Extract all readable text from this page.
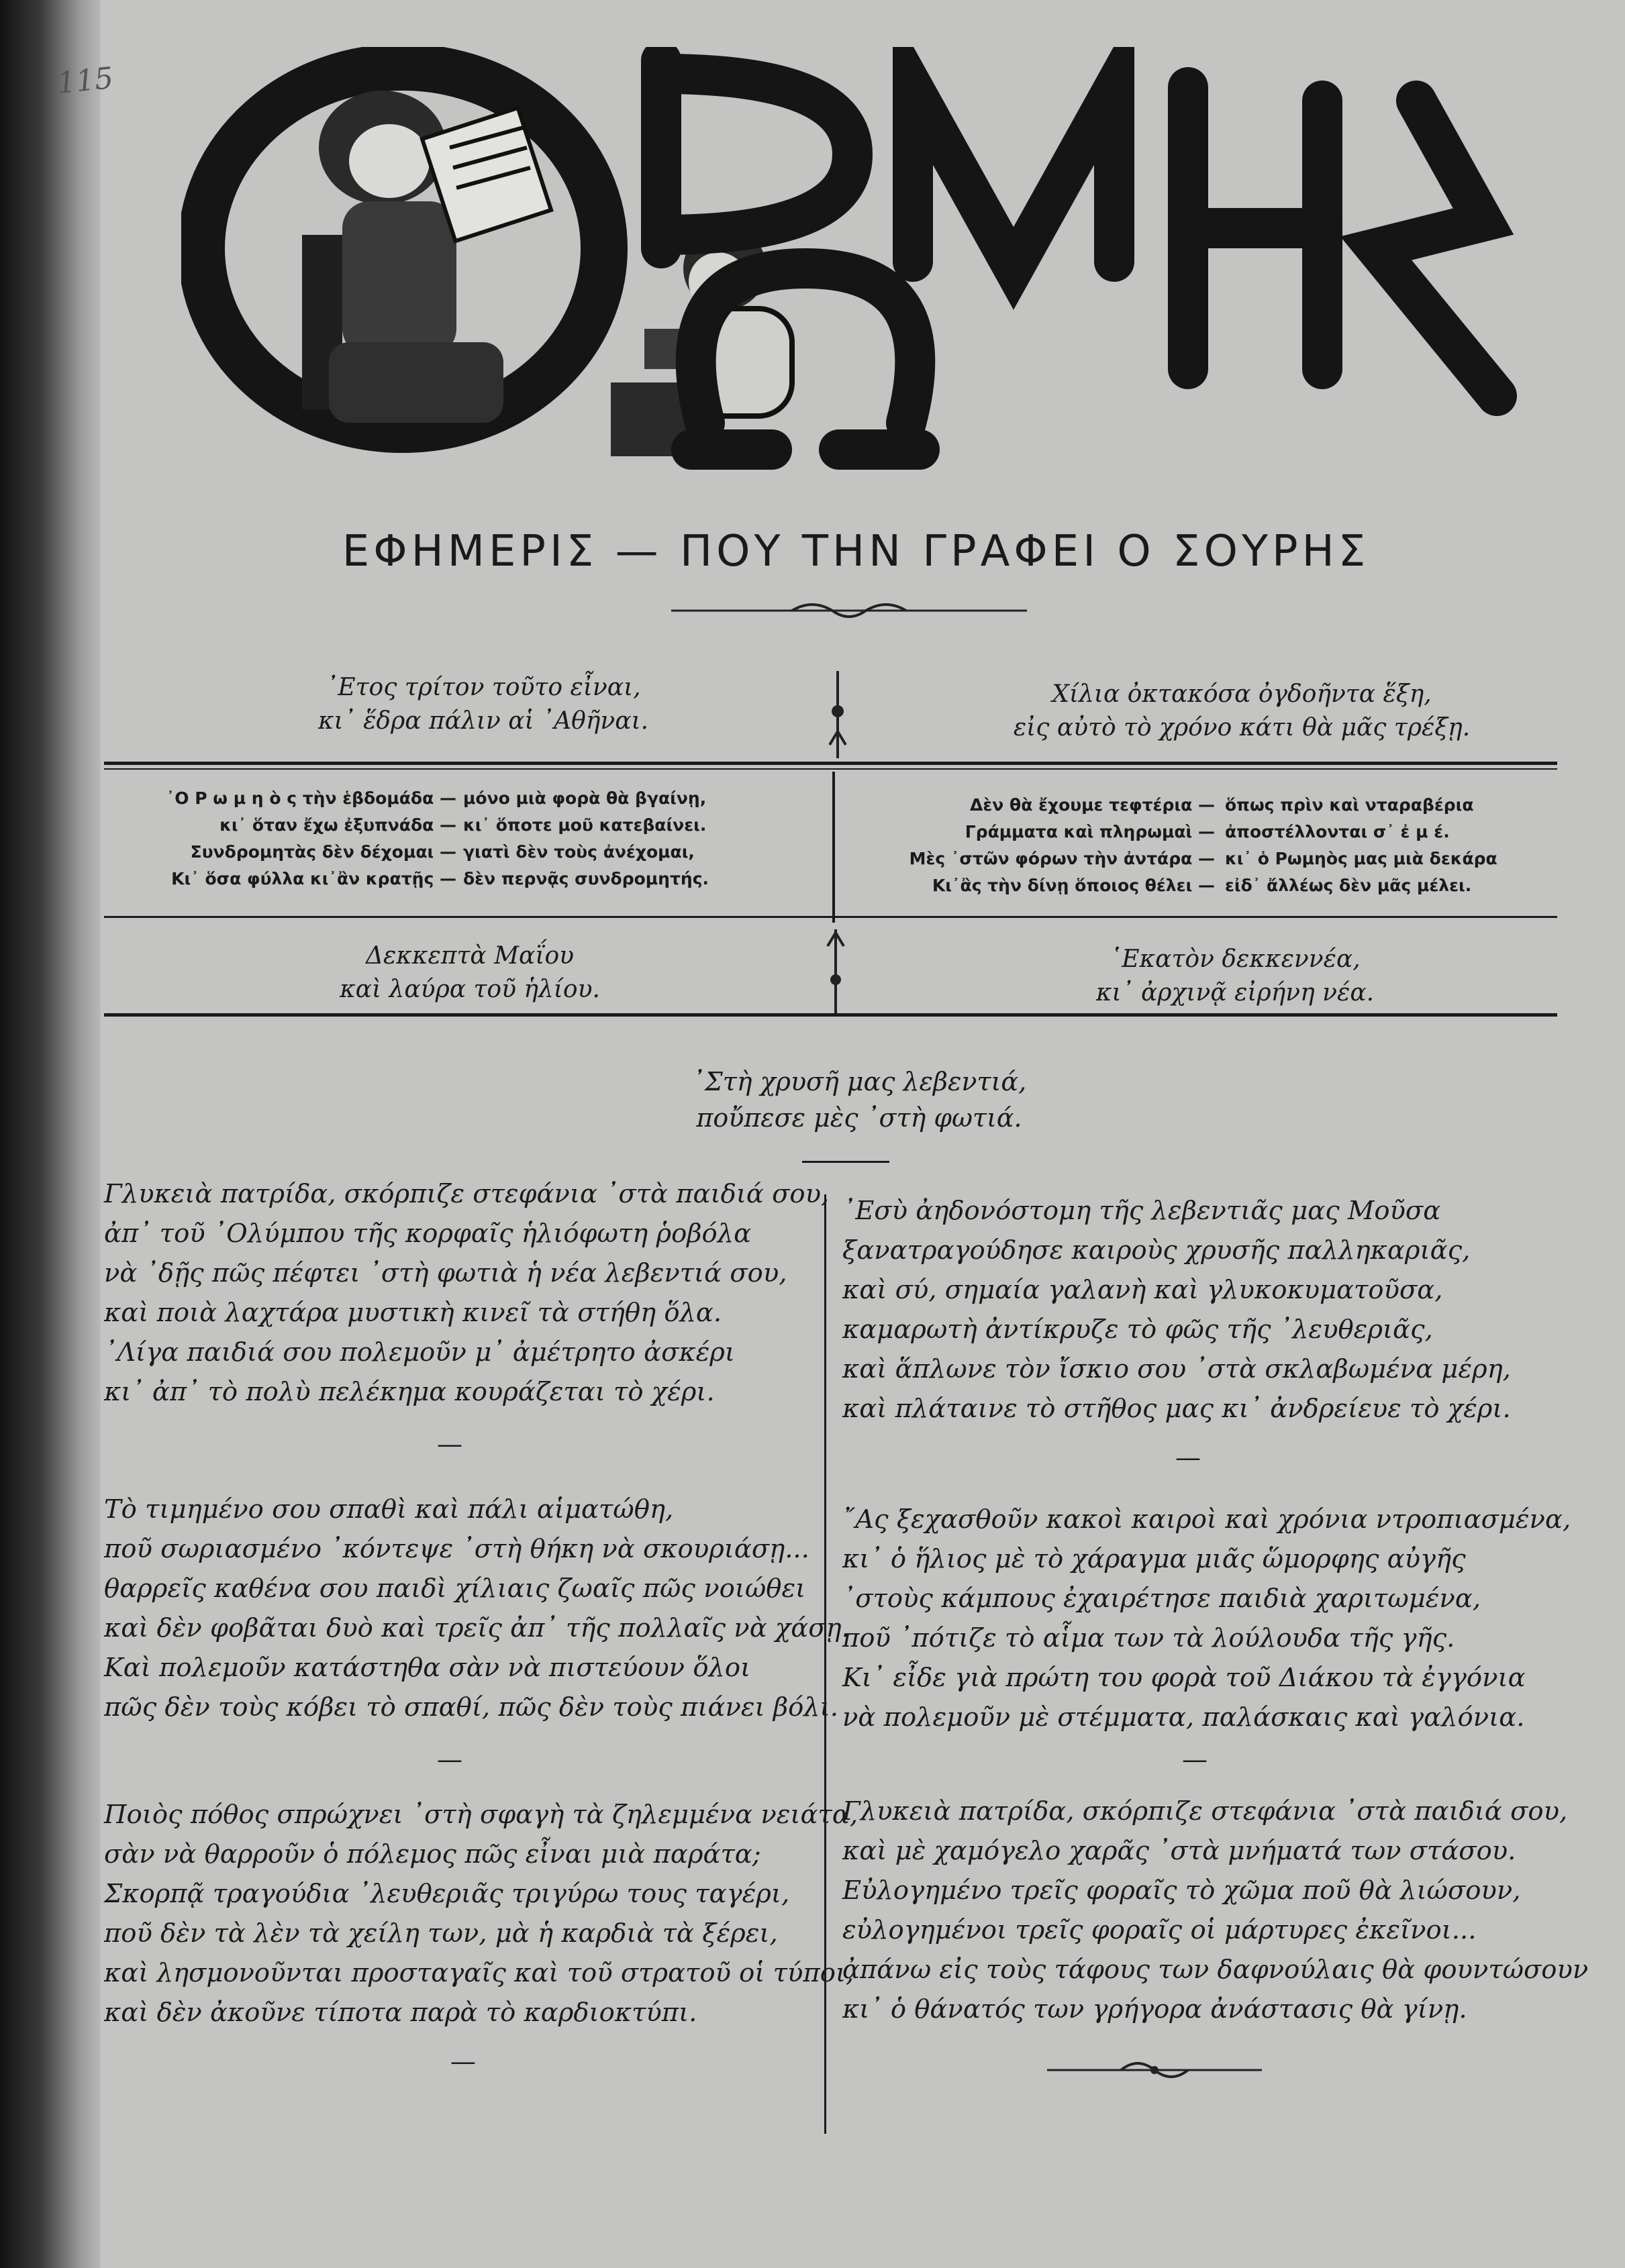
115
ΕΦΗΜΕΡΙΣ — ΠΟΥ ΤΗΝ ΓΡΑΦΕΙ Ο ΣΟΥΡΗΣ
᾿Ετος τρίτον τοῦτο εἶναι,
κι᾿ ἕδρα πάλιν αἱ ᾿Αθῆναι.
Χίλια ὀκτακόσα ὀγδοῆντα ἕξη,
εἰς αὐτὸ τὸ χρόνο κάτι θὰ μᾶς τρέξῃ.
᾿Ο Ρ ω μ η ὸ ς τὴν ἑβδομάδα —
κι᾿ ὅταν ἔχω ἐξυπνάδα —
Συνδρομητὰς δὲν δέχομαι —
Κι᾿ ὅσα φύλλα κι᾿ἂν κρατῇς —
μόνο μιὰ φορὰ θὰ βγαίνῃ,
κι᾿ ὅποτε μοῦ κατεβαίνει.
γιατὶ δὲν τοὺς ἀνέχομαι,
δὲν περνᾷς συνδρομητής.
Δὲν θὰ ἔχουμε τεφτέρια —
Γράμματα καὶ πληρωμαὶ —
Μὲς ᾿στῶν φόρων τὴν ἀντάρα —
Κι᾿ἂς τὴν δίνῃ ὅποιος θέλει —
ὅπως πρὶν καὶ νταραβέρια
ἀποστέλλονται σ᾿ ἐ μ έ.
κι᾿ ὁ Ρωμηὸς μας μιὰ δεκάρα
εἰδ᾿ ἄλλέως δὲν μᾶς μέλει.
Δεκκεπτὰ Μαΐου
καὶ λαύρα τοῦ ἡλίου.
῾Εκατὸν δεκκεννέα,
κι᾿ ἀρχινᾷ εἰρήνη νέα.
᾿Στὴ χρυσῆ μας λεβεντιά,
ποὔπεσε μὲς ᾿στὴ φωτιά.
Γλυκειὰ πατρίδα, σκόρπιζε στεφάνια ᾿στὰ παιδιά σου,
ἀπ᾿ τοῦ ᾿Ολύμπου τῆς κορφαῖς ἡλιόφωτη ῥοβόλα
νὰ ᾿δῇς πῶς πέφτει ᾿στὴ φωτιὰ ἡ νέα λεβεντιά σου,
καὶ ποιὰ λαχτάρα μυστικὴ κινεῖ τὰ στήθη ὅλα.
᾿Λίγα παιδιά σου πολεμοῦν μ᾿ ἀμέτρητο ἀσκέρι
κι᾿ ἀπ᾿ τὸ πολὺ πελέκημα κουράζεται τὸ χέρι.
—
Τὸ τιμημένο σου σπαθὶ καὶ πάλι αἱματώθη,
ποῦ σωριασμένο ᾿κόντεψε ᾿στὴ θήκη νὰ σκουριάσῃ...
θαρρεῖς καθένα σου παιδὶ χίλιαις ζωαῖς πῶς νοιώθει
καὶ δὲν φοβᾶται δυὸ καὶ τρεῖς ἀπ᾿ τῆς πολλαῖς νὰ χάσῃ.
Καὶ πολεμοῦν κατάστηθα σὰν νὰ πιστεύουν ὅλοι
πῶς δὲν τοὺς κόβει τὸ σπαθί, πῶς δὲν τοὺς πιάνει βόλι.
—
Ποιὸς πόθος σπρώχνει ᾿στὴ σφαγὴ τὰ ζηλεμμένα νειάτα,
σὰν νὰ θαρροῦν ὁ πόλεμος πῶς εἶναι μιὰ παράτα;
Σκορπᾷ τραγούδια ᾿λευθεριᾶς τριγύρω τους ταγέρι,
ποῦ δὲν τὰ λὲν τὰ χείλη των, μὰ ἡ καρδιὰ τὰ ξέρει,
καὶ λησμονοῦνται προσταγαῖς καὶ τοῦ στρατοῦ οἱ τύποι,
καὶ δὲν ἀκοῦνε τίποτα παρὰ τὸ καρδιοκτύπι.
—
᾿Εσὺ ἀηδονόστομη τῆς λεβεντιᾶς μας Μοῦσα
ξανατραγούδησε καιροὺς χρυσῆς παλληκαριᾶς,
καὶ σύ, σημαία γαλανὴ καὶ γλυκοκυματοῦσα,
καμαρωτὴ ἀντίκρυζε τὸ φῶς τῆς ᾿λευθεριᾶς,
καὶ ἅπλωνε τὸν ἴσκιο σου ᾿στὰ σκλαβωμένα μέρη,
καὶ πλάταινε τὸ στῆθος μας κι᾿ ἀνδρείευε τὸ χέρι.
—
῎Ας ξεχασθοῦν κακοὶ καιροὶ καὶ χρόνια ντροπιασμένα,
κι᾿ ὁ ἥλιος μὲ τὸ χάραγμα μιᾶς ὥμορφης αὐγῆς
᾿στοὺς κάμπους ἐχαιρέτησε παιδιὰ χαριτωμένα,
ποῦ ᾿πότιζε τὸ αἷμα των τὰ λούλουδα τῆς γῆς.
Κι᾿ εἶδε γιὰ πρώτη του φορὰ τοῦ Διάκου τὰ ἐγγόνια
νὰ πολεμοῦν μὲ στέμματα, παλάσκαις καὶ γαλόνια.
—
Γλυκειὰ πατρίδα, σκόρπιζε στεφάνια ᾿στὰ παιδιά σου,
καὶ μὲ χαμόγελο χαρᾶς ᾿στὰ μνήματά των στάσου.
Εὐλογημένο τρεῖς φοραῖς τὸ χῶμα ποῦ θὰ λιώσουν,
εὐλογημένοι τρεῖς φοραῖς οἱ μάρτυρες ἐκεῖνοι...
ἀπάνω εἰς τοὺς τάφους των δαφνούλαις θὰ φουντώσουν
κι᾿ ὁ θάνατός των γρήγορα ἀνάστασις θὰ γίνῃ.
